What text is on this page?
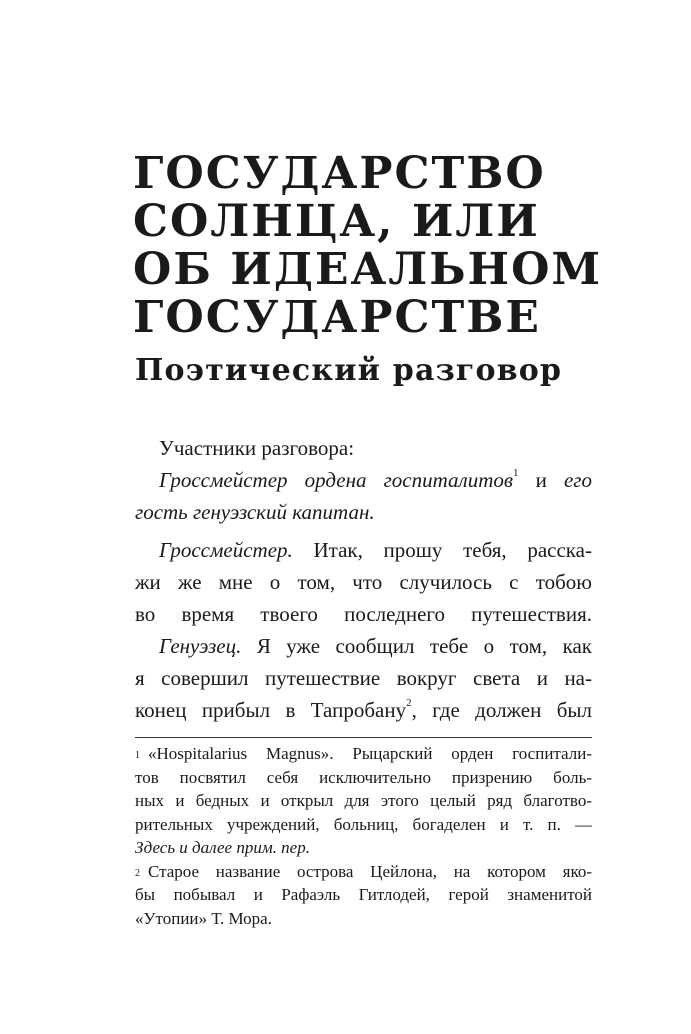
ГОСУДАРСТВО
СОЛНЦА, ИЛИ
ОБ ИДЕАЛЬНОМ
ГОСУДАРСТВЕ
Поэтический разговор
Участники разговора:
Гроссмейстер ордена госпиталитов$^1$ и его
гость генуэзский капитан.
Гроссмейстер. Итак, прошу тебя, расска-
жи же мне о том, что случилось с тобою
во время твоего последнего путешествия.
Генуэзец. Я уже сообщил тебе о том, как
я совершил путешествие вокруг света и на-
конец прибыл в Тапробану$^2$, где должен был
$^1$ «Hospitalarius Magnus». Рыцарский орден госпитали-
тов посвятил себя исключительно призрению боль-
ных и бедных и открыл для этого целый ряд благотво-
рительных учреждений, больниц, богаделен и т. п. —
Здесь и далее прим. пер.
$^2$ Старое название острова Цейлона, на котором яко-
бы побывал и Рафаэль Гитлодей, герой знаменитой
«Утопии» Т. Мора.
